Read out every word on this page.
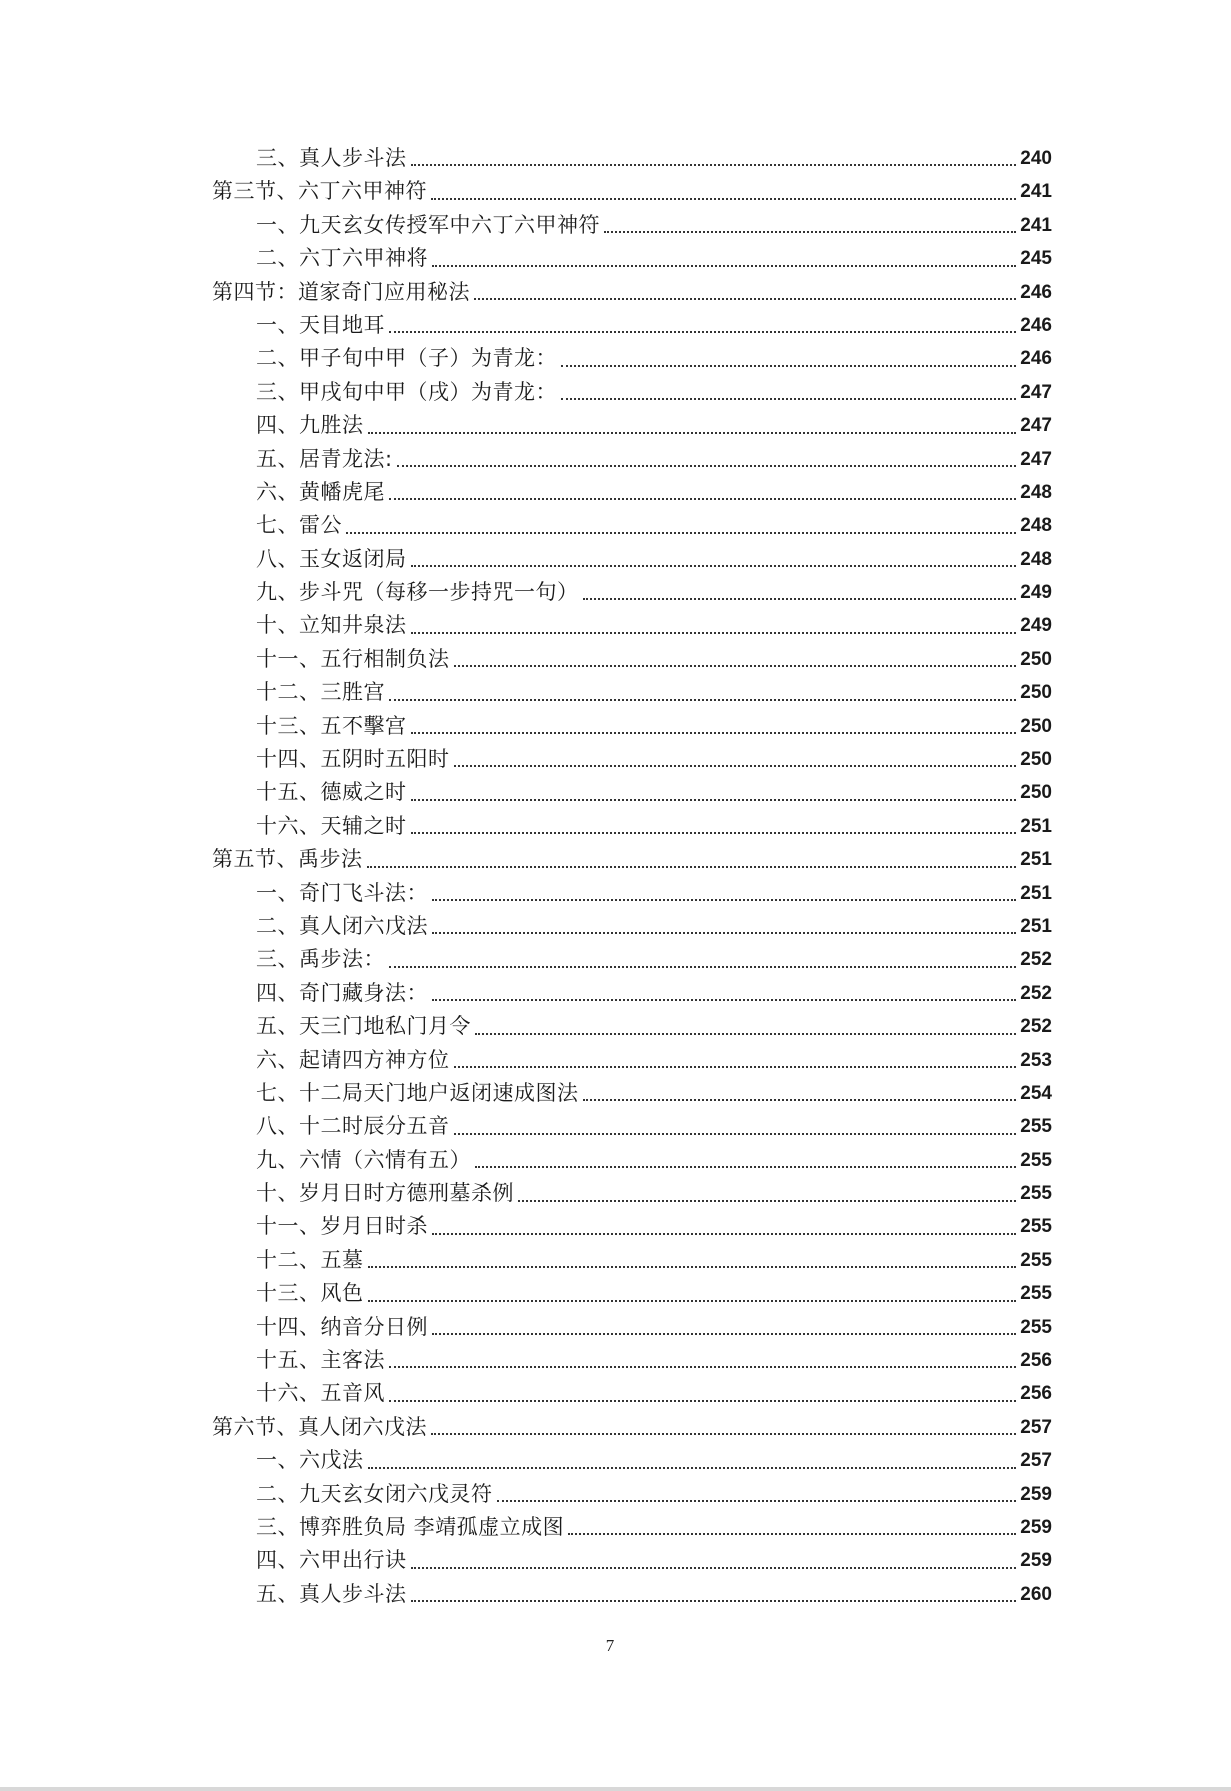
三、真人步斗法	240
第三节、六丁六甲神符	241
一、九天玄女传授军中六丁六甲神符	241
二、六丁六甲神将	245
第四节：道家奇门应用秘法	246
一、天目地耳	246
二、甲子旬中甲（子）为青龙：	246
三、甲戌旬中甲（戌）为青龙：	247
四、九胜法	247
五、居青龙法:	247
六、黄幡虎尾	248
七、雷公	248
八、玉女返闭局	248
九、步斗咒（每移一步持咒一句）	249
十、立知井泉法	249
十一、五行相制负法	250
十二、三胜宫	250
十三、五不擊宫	250
十四、五阴时五阳时	250
十五、德威之时	250
十六、天辅之时	251
第五节、禹步法	251
一、奇门飞斗法：	251
二、真人闭六戊法	251
三、禹步法：	252
四、奇门藏身法：	252
五、天三门地私门月令	252
六、起请四方神方位	253
七、十二局天门地户返闭速成图法	254
八、十二时辰分五音	255
九、六情（六情有五）	255
十、岁月日时方德刑墓杀例	255
十一、岁月日时杀	255
十二、五墓	255
十三、风色	255
十四、纳音分日例	255
十五、主客法	256
十六、五音风	256
第六节、真人闭六戊法	257
一、六戊法	257
二、九天玄女闭六戊灵符	259
三、博弈胜负局 李靖孤虚立成图	259
四、六甲出行诀	259
五、真人步斗法	260
7
